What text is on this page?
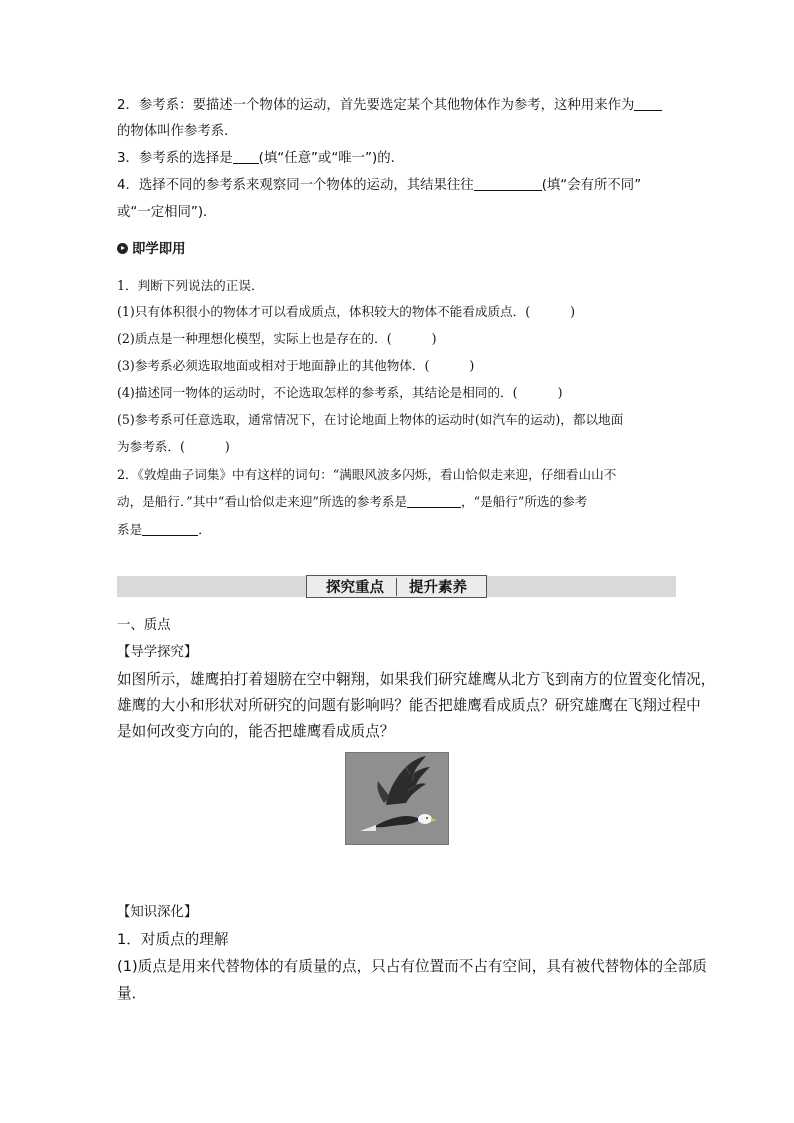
2．参考系：要描述一个物体的运动，首先要选定某个其他物体作为参考，这种用来作为
的物体叫作参考系．
3．参考系的选择是 (填“任意”或“唯一”)的．
4．选择不同的参考系来观察同一个物体的运动，其结果往往	(填“会有所不同”
或“一定相同”)．
即学即用
1．判断下列说法的正误．
(1)只有体积很小的物体才可以看成质点，体积较大的物体不能看成质点．(	)
(2)质点是一种理想化模型，实际上也是存在的．(	)
(3)参考系必须选取地面或相对于地面静止的其他物体．(	)
(4)描述同一物体的运动时，不论选取怎样的参考系，其结论是相同的．(	)
(5)参考系可任意选取，通常情况下，在讨论地面上物体的运动时(如汽车的运动)，都以地面
为参考系．(	)
2．《敦煌曲子词集》中有这样的词句：“满眼风波多闪烁，看山恰似走来迎，仔细看山山不
动，是船行．”其中“看山恰似走来迎”所选的参考系是	，“是船行”所选的参考
系是	．
探究重点 提升素养
一、质点
【导学探究】
如图所示，雄鹰拍打着翅膀在空中翱翔，如果我们研究雄鹰从北方飞到南方的位置变化情况，
雄鹰的大小和形状对所研究的问题有影响吗？能否把雄鹰看成质点？研究雄鹰在飞翔过程中
是如何改变方向的，能否把雄鹰看成质点？
【知识深化】
1．对质点的理解
(1)质点是用来代替物体的有质量的点，只占有位置而不占有空间，具有被代替物体的全部质
量．
